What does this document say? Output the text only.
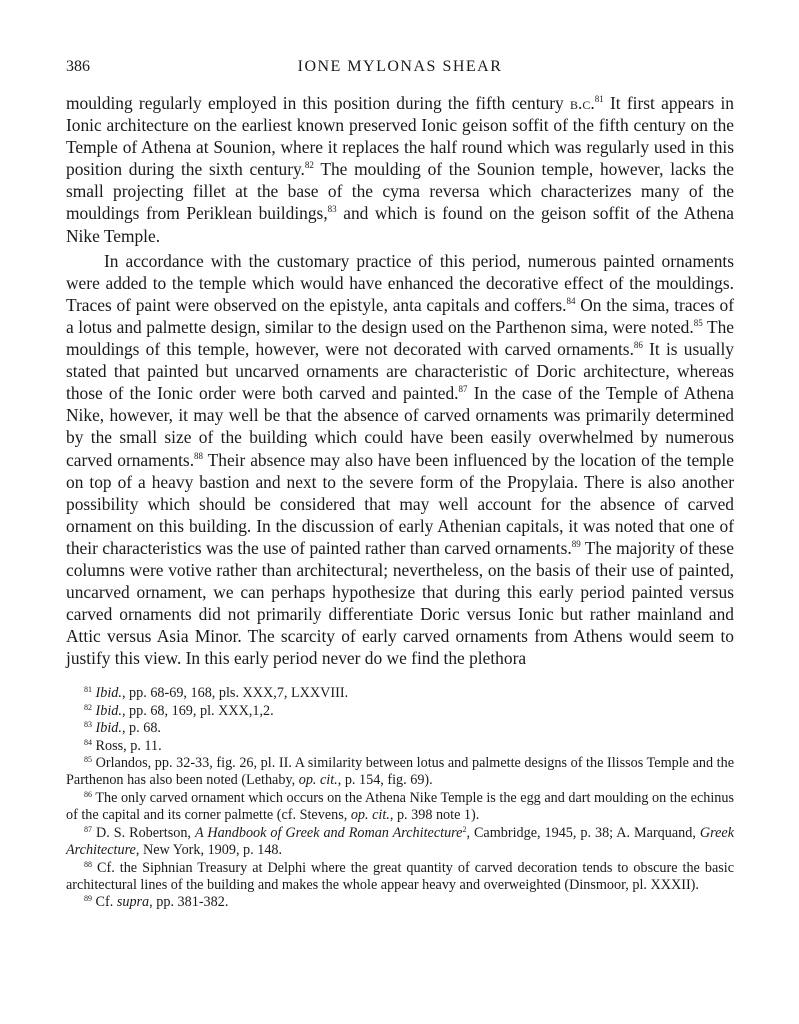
386	IONE MYLONAS SHEAR

moulding regularly employed in this position during the fifth century b.c.$^{81}$ It first appears in Ionic architecture on the earliest known preserved Ionic geison soffit of the fifth century on the Temple of Athena at Sounion, where it replaces the half round which was regularly used in this position during the sixth century.$^{82}$ The moulding of the Sounion temple, however, lacks the small projecting fillet at the base of the cyma reversa which characterizes many of the mouldings from Periklean buildings,$^{83}$ and which is found on the geison soffit of the Athena Nike Temple.

In accordance with the customary practice of this period, numerous painted ornaments were added to the temple which would have enhanced the decorative effect of the mouldings. Traces of paint were observed on the epistyle, anta capitals and coffers.$^{84}$ On the sima, traces of a lotus and palmette design, similar to the design used on the Parthenon sima, were noted.$^{85}$ The mouldings of this temple, however, were not decorated with carved ornaments.$^{86}$ It is usually stated that painted but uncarved ornaments are characteristic of Doric architecture, whereas those of the Ionic order were both carved and painted.$^{87}$ In the case of the Temple of Athena Nike, however, it may well be that the absence of carved ornaments was primarily determined by the small size of the building which could have been easily overwhelmed by numerous carved ornaments.$^{88}$ Their absence may also have been influenced by the location of the temple on top of a heavy bastion and next to the severe form of the Propylaia. There is also another possibility which should be considered that may well account for the absence of carved ornament on this building. In the discussion of early Athenian capitals, it was noted that one of their characteristics was the use of painted rather than carved ornaments.$^{89}$ The majority of these columns were votive rather than architectural; nevertheless, on the basis of their use of painted, uncarved ornament, we can perhaps hypothesize that during this early period painted versus carved ornaments did not primarily differentiate Doric versus Ionic but rather mainland and Attic versus Asia Minor. The scarcity of early carved ornaments from Athens would seem to justify this view. In this early period never do we find the plethora

$^{81}$ Ibid., pp. 68-69, 168, pls. XXX,7, LXXVIII.

$^{82}$ Ibid., pp. 68, 169, pl. XXX,1,2.

$^{83}$ Ibid., p. 68.

$^{84}$ Ross, p. 11.

$^{85}$ Orlandos, pp. 32-33, fig. 26, pl. II. A similarity between lotus and palmette designs of the Ilissos Temple and the Parthenon has also been noted (Lethaby, op. cit., p. 154, fig. 69).

$^{86}$ The only carved ornament which occurs on the Athena Nike Temple is the egg and dart moulding on the echinus of the capital and its corner palmette (cf. Stevens, op. cit., p. 398 note 1).

$^{87}$ D. S. Robertson, A Handbook of Greek and Roman Architecture$^2$, Cambridge, 1945, p. 38; A. Marquand, Greek Architecture, New York, 1909, p. 148.

$^{88}$ Cf. the Siphnian Treasury at Delphi where the great quantity of carved decoration tends to obscure the basic architectural lines of the building and makes the whole appear heavy and overweighted (Dinsmoor, pl. XXXII).

$^{89}$ Cf. supra, pp. 381-382.
